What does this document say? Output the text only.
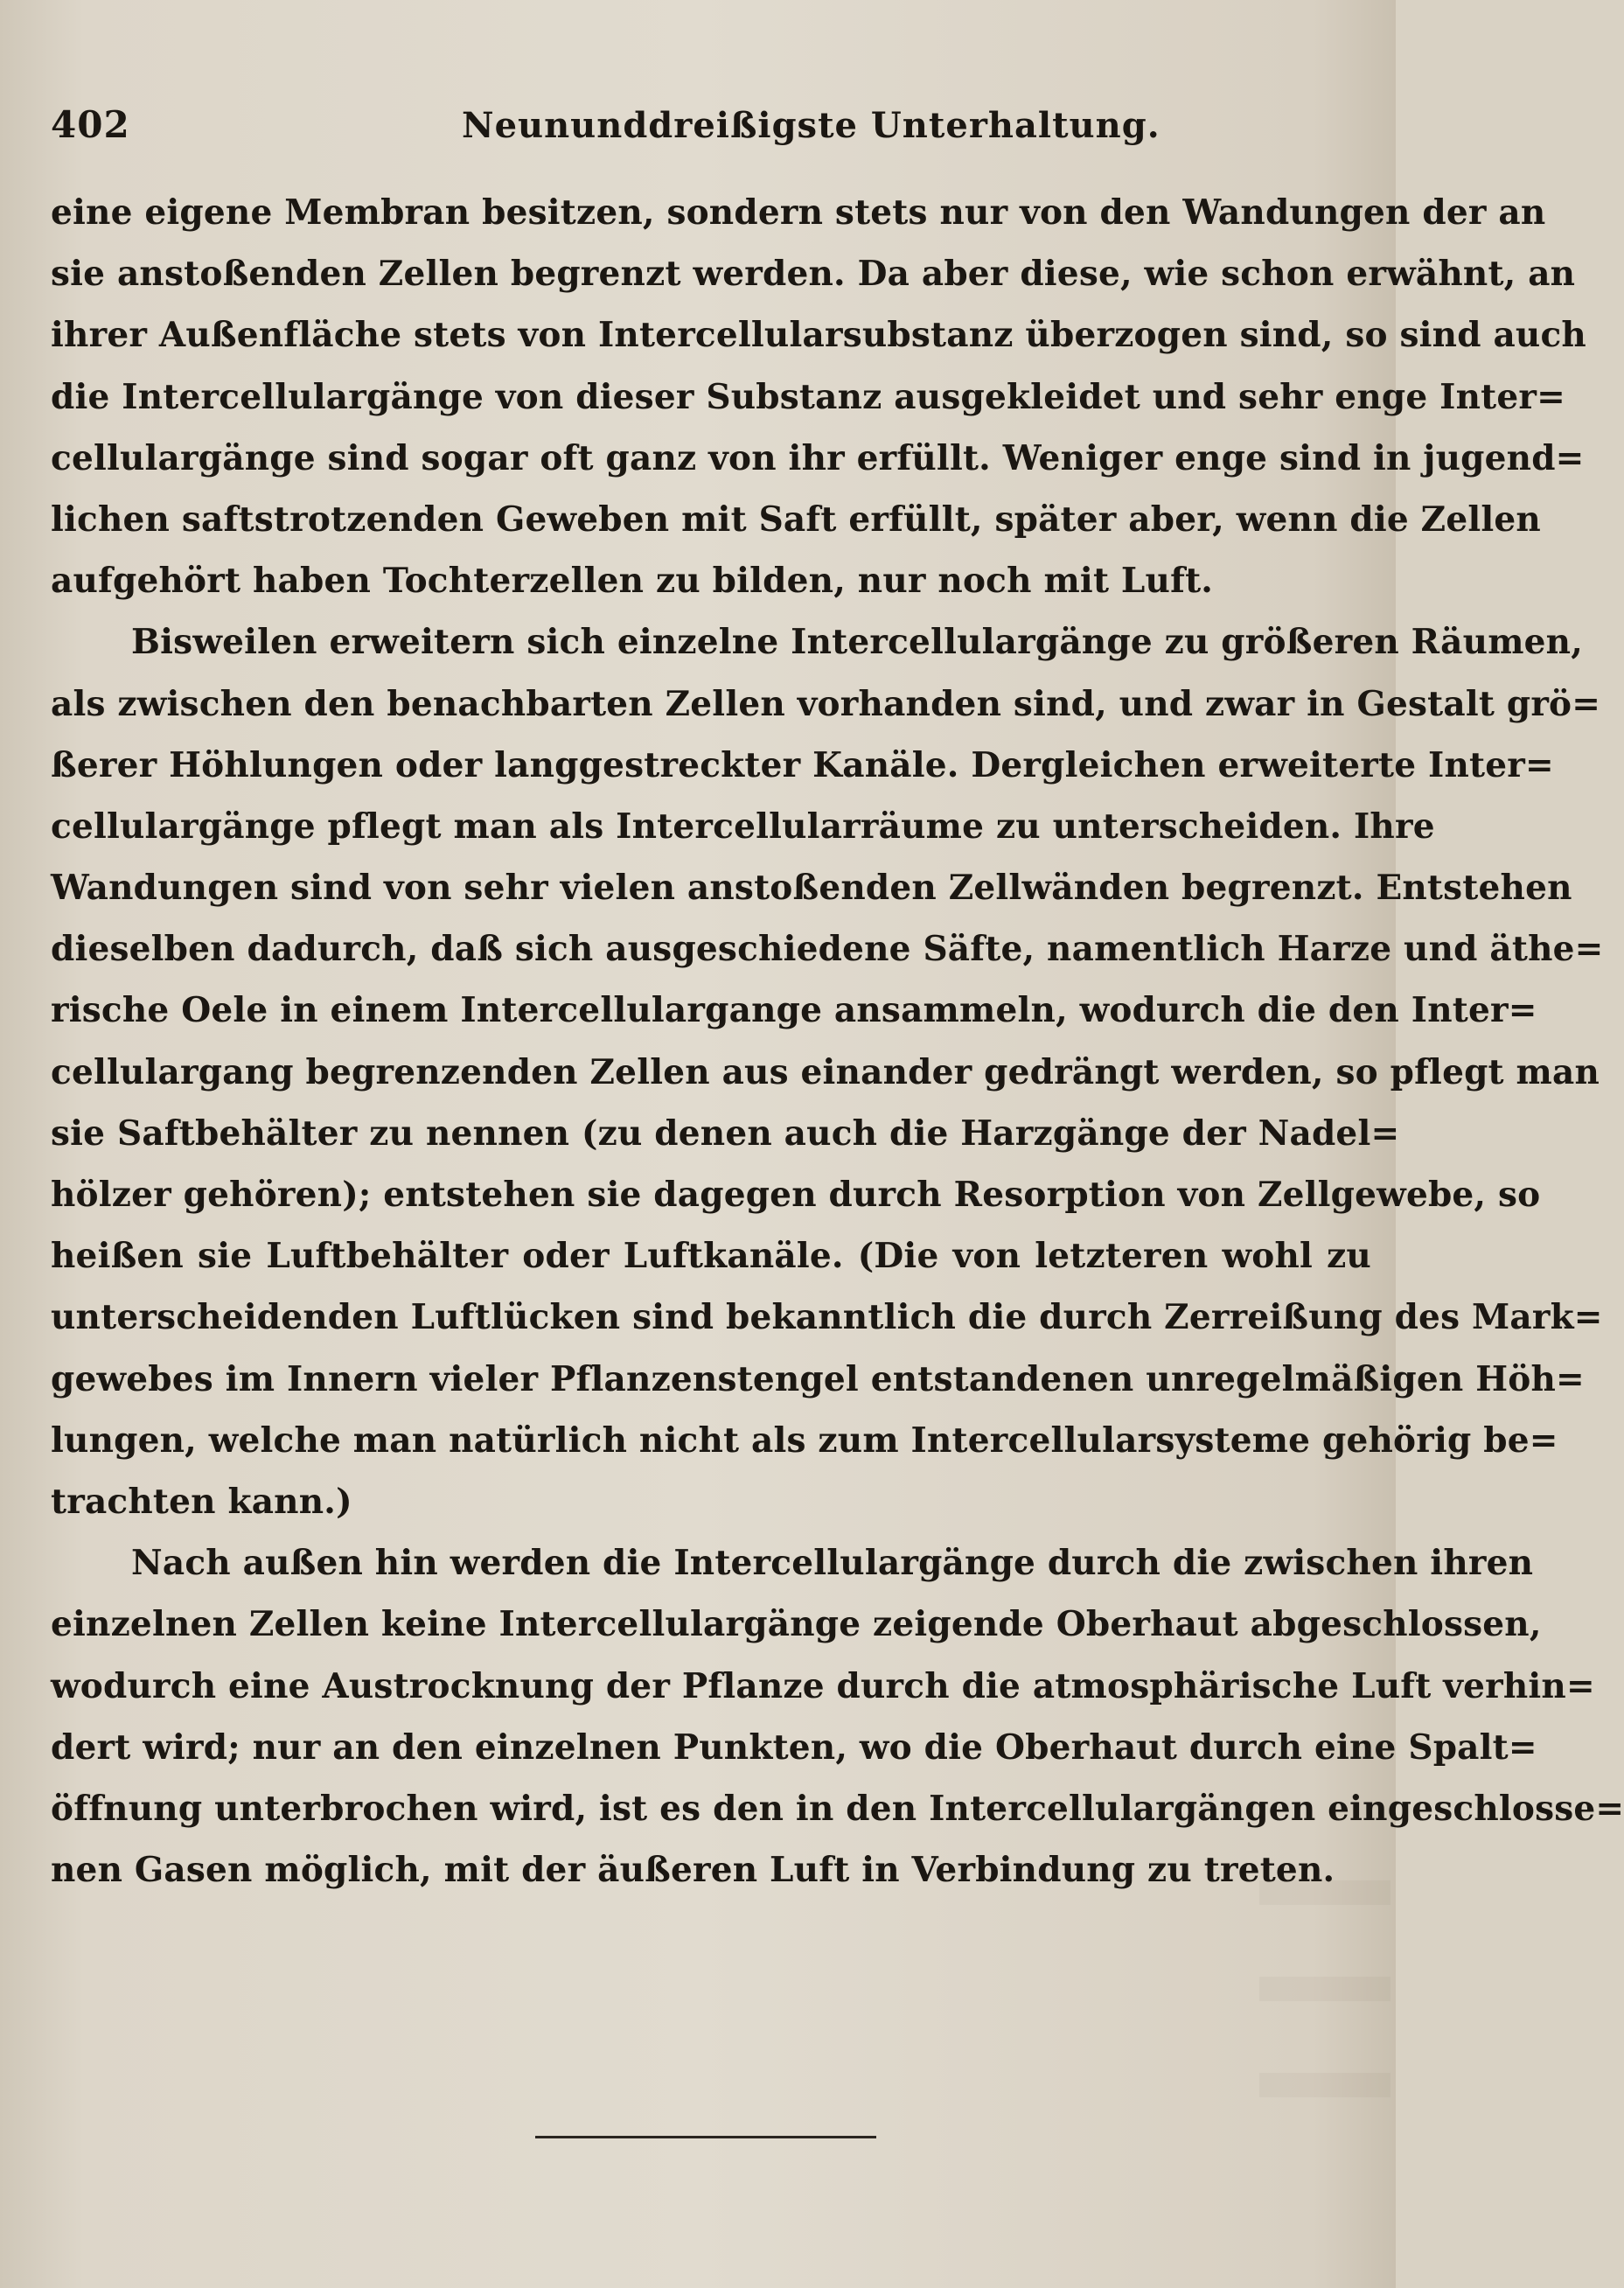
402	Neununddreißigste Unterhaltung.
eine eigene Membran besitzen, sondern stets nur von den Wandungen der an
sie anstoßenden Zellen begrenzt werden. Da aber diese, wie schon erwähnt, an
ihrer Außenfläche stets von Intercellularsubstanz überzogen sind, so sind auch
die Intercellulargänge von dieser Substanz ausgekleidet und sehr enge Inter=
cellulargänge sind sogar oft ganz von ihr erfüllt. Weniger enge sind in jugend=
lichen saftstrotzenden Geweben mit Saft erfüllt, später aber, wenn die Zellen
aufgehört haben Tochterzellen zu bilden, nur noch mit Luft.
Bisweilen erweitern sich einzelne Intercellulargänge zu größeren Räumen,
als zwischen den benachbarten Zellen vorhanden sind, und zwar in Gestalt grö=
ßerer Höhlungen oder langgestreckter Kanäle. Dergleichen erweiterte Inter=
cellulargänge pflegt man als Intercellularräume zu unterscheiden. Ihre
Wandungen sind von sehr vielen anstoßenden Zellwänden begrenzt. Entstehen
dieselben dadurch, daß sich ausgeschiedene Säfte, namentlich Harze und äthe=
rische Oele in einem Intercellulargange ansammeln, wodurch die den Inter=
cellulargang begrenzenden Zellen aus einander gedrängt werden, so pflegt man
sie Saftbehälter zu nennen (zu denen auch die Harzgänge der Nadel=
hölzer gehören); entstehen sie dagegen durch Resorption von Zellgewebe, so
heißen sie Luftbehälter oder Luftkanäle. (Die von letzteren wohl zu
unterscheidenden Luftlücken sind bekanntlich die durch Zerreißung des Mark=
gewebes im Innern vieler Pflanzenstengel entstandenen unregelmäßigen Höh=
lungen, welche man natürlich nicht als zum Intercellularsysteme gehörig be=
trachten kann.)
Nach außen hin werden die Intercellulargänge durch die zwischen ihren
einzelnen Zellen keine Intercellulargänge zeigende Oberhaut abgeschlossen,
wodurch eine Austrocknung der Pflanze durch die atmosphärische Luft verhin=
dert wird; nur an den einzelnen Punkten, wo die Oberhaut durch eine Spalt=
öffnung unterbrochen wird, ist es den in den Intercellulargängen eingeschlosse=
nen Gasen möglich, mit der äußeren Luft in Verbindung zu treten.
